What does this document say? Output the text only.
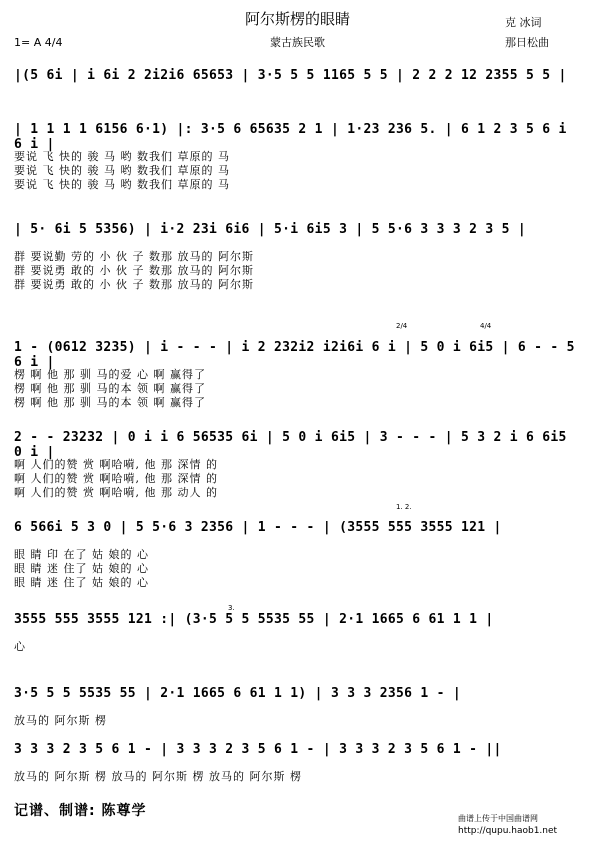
阿尔斯楞的眼睛
蒙古族民歌
1= A 4/4
克 冰词
那日松曲
|(5 6i | i 6i 2 2i2i6 65653 | 3·5 5 5 1165 5 5 | 2 2 2 12 2355 5 5 |
| 1 1 1 1 6156 6·1) |: 3·5 6 65635 2 1 | 1·23 236 5. | 6 1 2 3 5 6 i 6 i |
要说 飞 快的 骏 马 哟 数我们 草原的 马
要说 飞 快的 骏 马 哟 数我们 草原的 马
要说 飞 快的 骏 马 哟 数我们 草原的 马
| 5· 6i 5 5356) | i·2 23i 6i6 | 5·i 6i5 3 | 5 5·6 3 3 3 2 3 5 |
群 要说勤 劳的 小 伙 子 数那 放马的 阿尔斯
群 要说勇 敢的 小 伙 子 数那 放马的 阿尔斯
群 要说勇 敢的 小 伙 子 数那 放马的 阿尔斯
1 - (0612 3235) | i - - - | i 2 232i2 i2i6i 6 i | 5 0 i 6i5 | 6 - - 5 6 i |
楞 啊 他 那 驯 马的爱 心 啊 赢得了
楞 啊 他 那 驯 马的本 领 啊 赢得了
楞 啊 他 那 驯 马的本 领 啊 赢得了
2 - - 23232 | 0 i i 6 56535 6i | 5 0 i 6i5 | 3 - - - | 5 3 2 i 6 6i5 0 i |
啊 人们的赞 赏 啊哈嗬, 他 那 深情 的
啊 人们的赞 赏 啊哈嗬, 他 那 深情 的
啊 人们的赞 赏 啊哈嗬, 他 那 动人 的
6 566i 5 3 0 | 5 5·6 3 2356 | 1 - - - | (3555 555 3555 121 |
眼 睛 印 在了 姑 娘的 心
眼 睛 迷 住了 姑 娘的 心
眼 睛 迷 住了 姑 娘的 心
3555 555 3555 121 :| (3·5 5 5 5535 55 | 2·1 1665 6 61 1 1 |
心
3·5 5 5 5535 55 | 2·1 1665 6 61 1 1) | 3 3 3 2356 1 - |
放马的 阿尔斯 楞
3 3 3 2 3 5 6 1 - | 3 3 3 2 3 5 6 1 - | 3 3 3 2 3 5 6 1 - ||
放马的 阿尔斯 楞 放马的 阿尔斯 楞 放马的 阿尔斯 楞
2/4	4/4
1. 2.
3.
记谱、制谱: 陈尊学	曲谱上传于中国曲谱网
http://qupu.haob1.net
